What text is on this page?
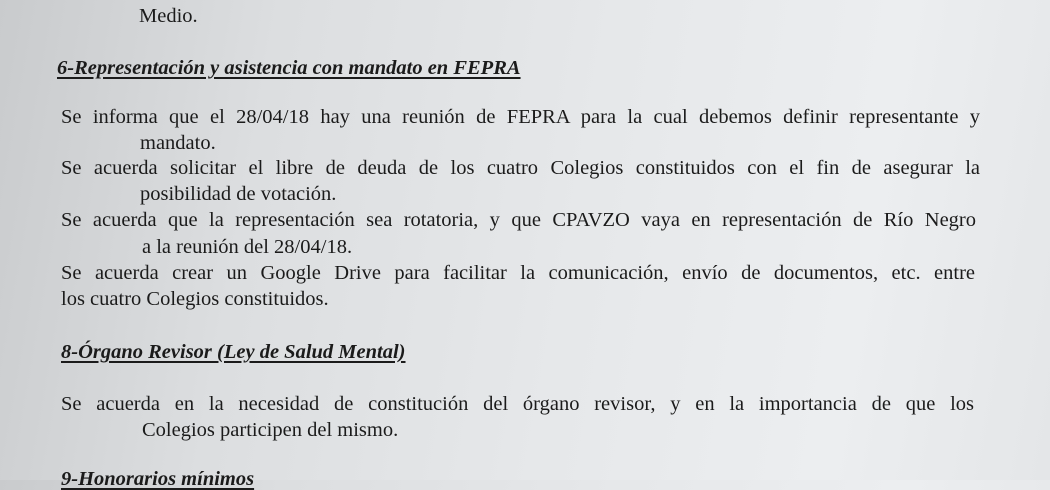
Medio.
6-Representación y asistencia con mandato en FEPRA
Se informa que el 28/04/18 hay una reunión de FEPRA para la cual debemos definir representante y
mandato.
Se acuerda solicitar el libre de deuda de los cuatro Colegios constituidos con el fin de asegurar la
posibilidad de votación.
Se acuerda que la representación sea rotatoria, y que CPAVZO vaya en representación de Río Negro
a la reunión del 28/04/18.
Se acuerda crear un Google Drive para facilitar la comunicación, envío de documentos, etc. entre
los cuatro Colegios constituidos.
8-Órgano Revisor (Ley de Salud Mental)
Se acuerda en la necesidad de constitución del órgano revisor, y en la importancia de que los
Colegios participen del mismo.
9-Honorarios mínimos
